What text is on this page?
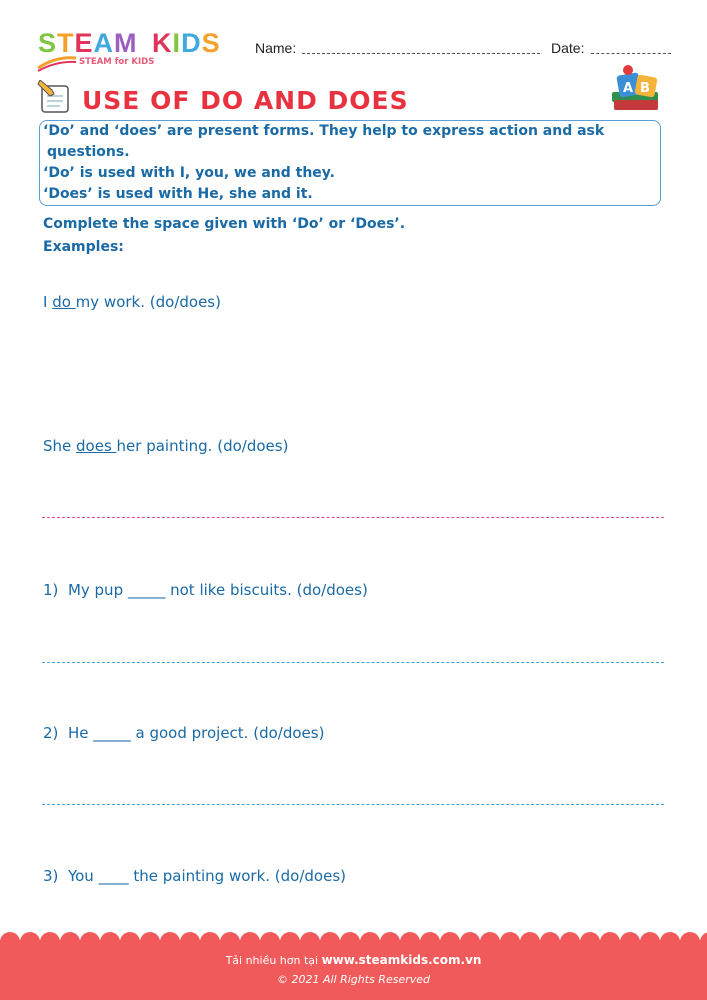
STEAM KIDS
STEAM for KIDS
Name:	Date:
USE OF DO AND DOES	A B
‘Do’ and ‘does’ are present forms. They help to express action and ask
questions.
‘Do’ is used with I, you, we and they.
‘Does’ is used with He, she and it.
Complete the space given with ‘Do’ or ‘Does’.
Examples:
I do my work. (do/does)
She does her painting. (do/does)
1) My pup _____ not like biscuits. (do/does)
2) He _____ a good project. (do/does)
3) You ____ the painting work. (do/does)
Tải nhiều hơn tại www.steamkids.com.vn
© 2021 All Rights Reserved
